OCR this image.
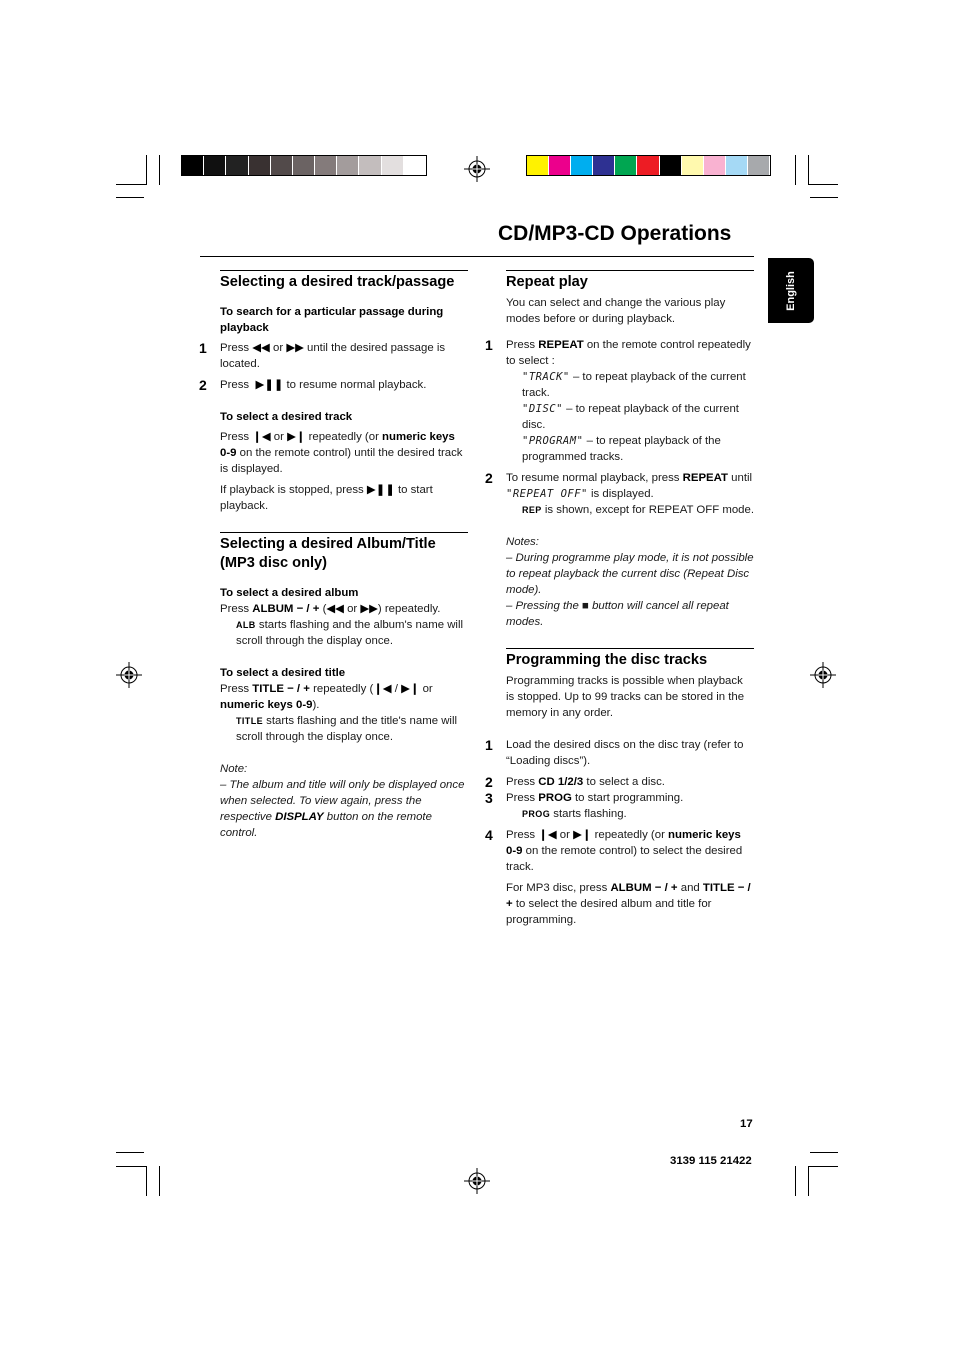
CD/MP3-CD Operations
English
Selecting a desired track/passage

To search for a particular passage during playback

1 Press ◀◀ or ▶▶ until the desired passage is located.

2 Press ▶❚❚ to resume normal playback.

To select a desired track

Press ❙◀ or ▶❙ repeatedly (or numeric keys 0-9 on the remote control) until the desired track is displayed.

If playback is stopped, press ▶❚❚ to start playback.

Selecting a desired Album/Title (MP3 disc only)

To select a desired album

Press ALBUM − / + (◀◀ or ▶▶) repeatedly.

ALB starts flashing and the album's name will scroll through the display once.

To select a desired title

Press TITLE − / + repeatedly (❙◀ / ▶❙ or numeric keys 0-9).

TITLE starts flashing and the title's name will scroll through the display once.

Note:

– The album and title will only be displayed once when selected. To view again, press the respective DISPLAY button on the remote control.

Repeat play

You can select and change the various play modes before or during playback.

1 Press REPEAT on the remote control repeatedly to select :

"TRACK" – to repeat playback of the current track.

"DISC" – to repeat playback of the current disc.

"PROGRAM" – to repeat playback of the programmed tracks.

2 To resume normal playback, press REPEAT until "REPEAT OFF" is displayed.

REP is shown, except for REPEAT OFF mode.

Notes:

– During programme play mode, it is not possible to repeat playback the current disc (Repeat Disc mode).

– Pressing the ■ button will cancel all repeat modes.

Programming the disc tracks

Programming tracks is possible when playback is stopped. Up to 99 tracks can be stored in the memory in any order.

1 Load the desired discs on the disc tray (refer to “Loading discs”).

2 Press CD 1/2/3 to select a disc.

3 Press PROG to start programming.

PROG starts flashing.

4 Press ❙◀ or ▶❙ repeatedly (or numeric keys 0-9 on the remote control) to select the desired track.

For MP3 disc, press ALBUM − / + and TITLE − / + to select the desired album and title for programming.

17
3139 115 21422
